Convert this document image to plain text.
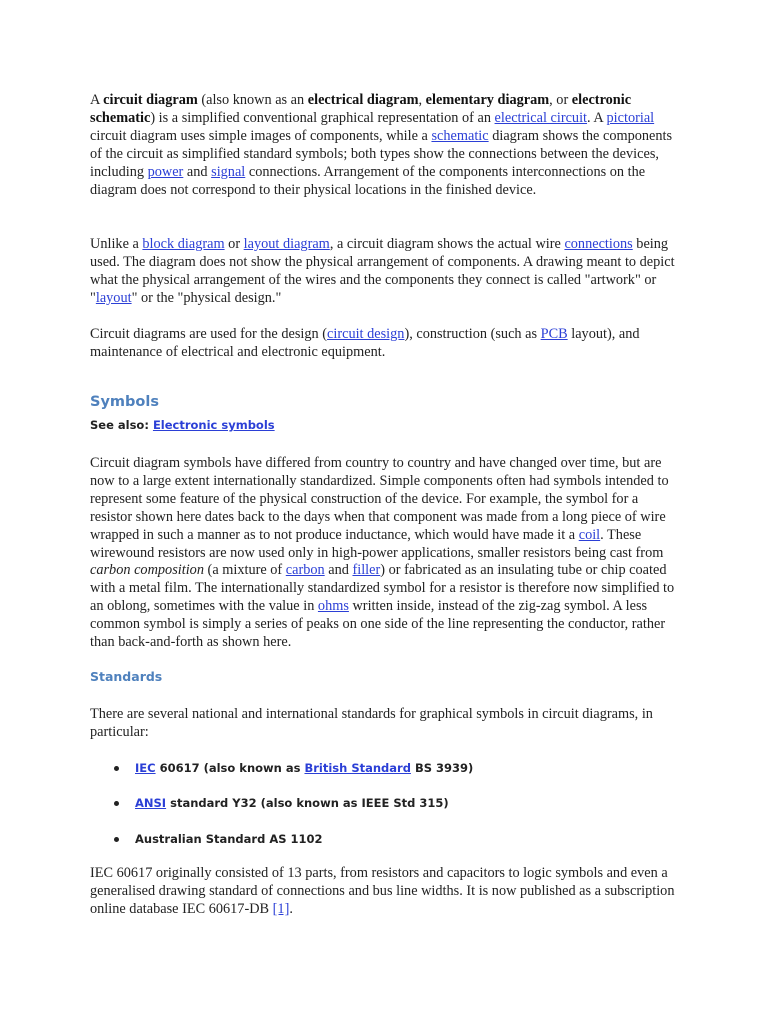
A circuit diagram (also known as an electrical diagram, elementary diagram, or electronic schematic) is a simplified conventional graphical representation of an electrical circuit. A pictorial circuit diagram uses simple images of components, while a schematic diagram shows the components of the circuit as simplified standard symbols; both types show the connections between the devices, including power and signal connections. Arrangement of the components interconnections on the diagram does not correspond to their physical locations in the finished device.

Unlike a block diagram or layout diagram, a circuit diagram shows the actual wire connections being used. The diagram does not show the physical arrangement of components. A drawing meant to depict what the physical arrangement of the wires and the components they connect is called "artwork" or "layout" or the "physical design."

Circuit diagrams are used for the design (circuit design), construction (such as PCB layout), and maintenance of electrical and electronic equipment.

Symbols
See also: Electronic symbols

Circuit diagram symbols have differed from country to country and have changed over time, but are now to a large extent internationally standardized. Simple components often had symbols intended to represent some feature of the physical construction of the device. For example, the symbol for a resistor shown here dates back to the days when that component was made from a long piece of wire wrapped in such a manner as to not produce inductance, which would have made it a coil. These wirewound resistors are now used only in high-power applications, smaller resistors being cast from carbon composition (a mixture of carbon and filler) or fabricated as an insulating tube or chip coated with a metal film. The internationally standardized symbol for a resistor is therefore now simplified to an oblong, sometimes with the value in ohms written inside, instead of the zig-zag symbol. A less common symbol is simply a series of peaks on one side of the line representing the conductor, rather than back-and-forth as shown here.

Standards

There are several national and international standards for graphical symbols in circuit diagrams, in particular:

IEC 60617 (also known as British Standard BS 3939)
ANSI standard Y32 (also known as IEEE Std 315)
Australian Standard AS 1102

IEC 60617 originally consisted of 13 parts, from resistors and capacitors to logic symbols and even a generalised drawing standard of connections and bus line widths. It is now published as a subscription online database IEC 60617-DB [1].
